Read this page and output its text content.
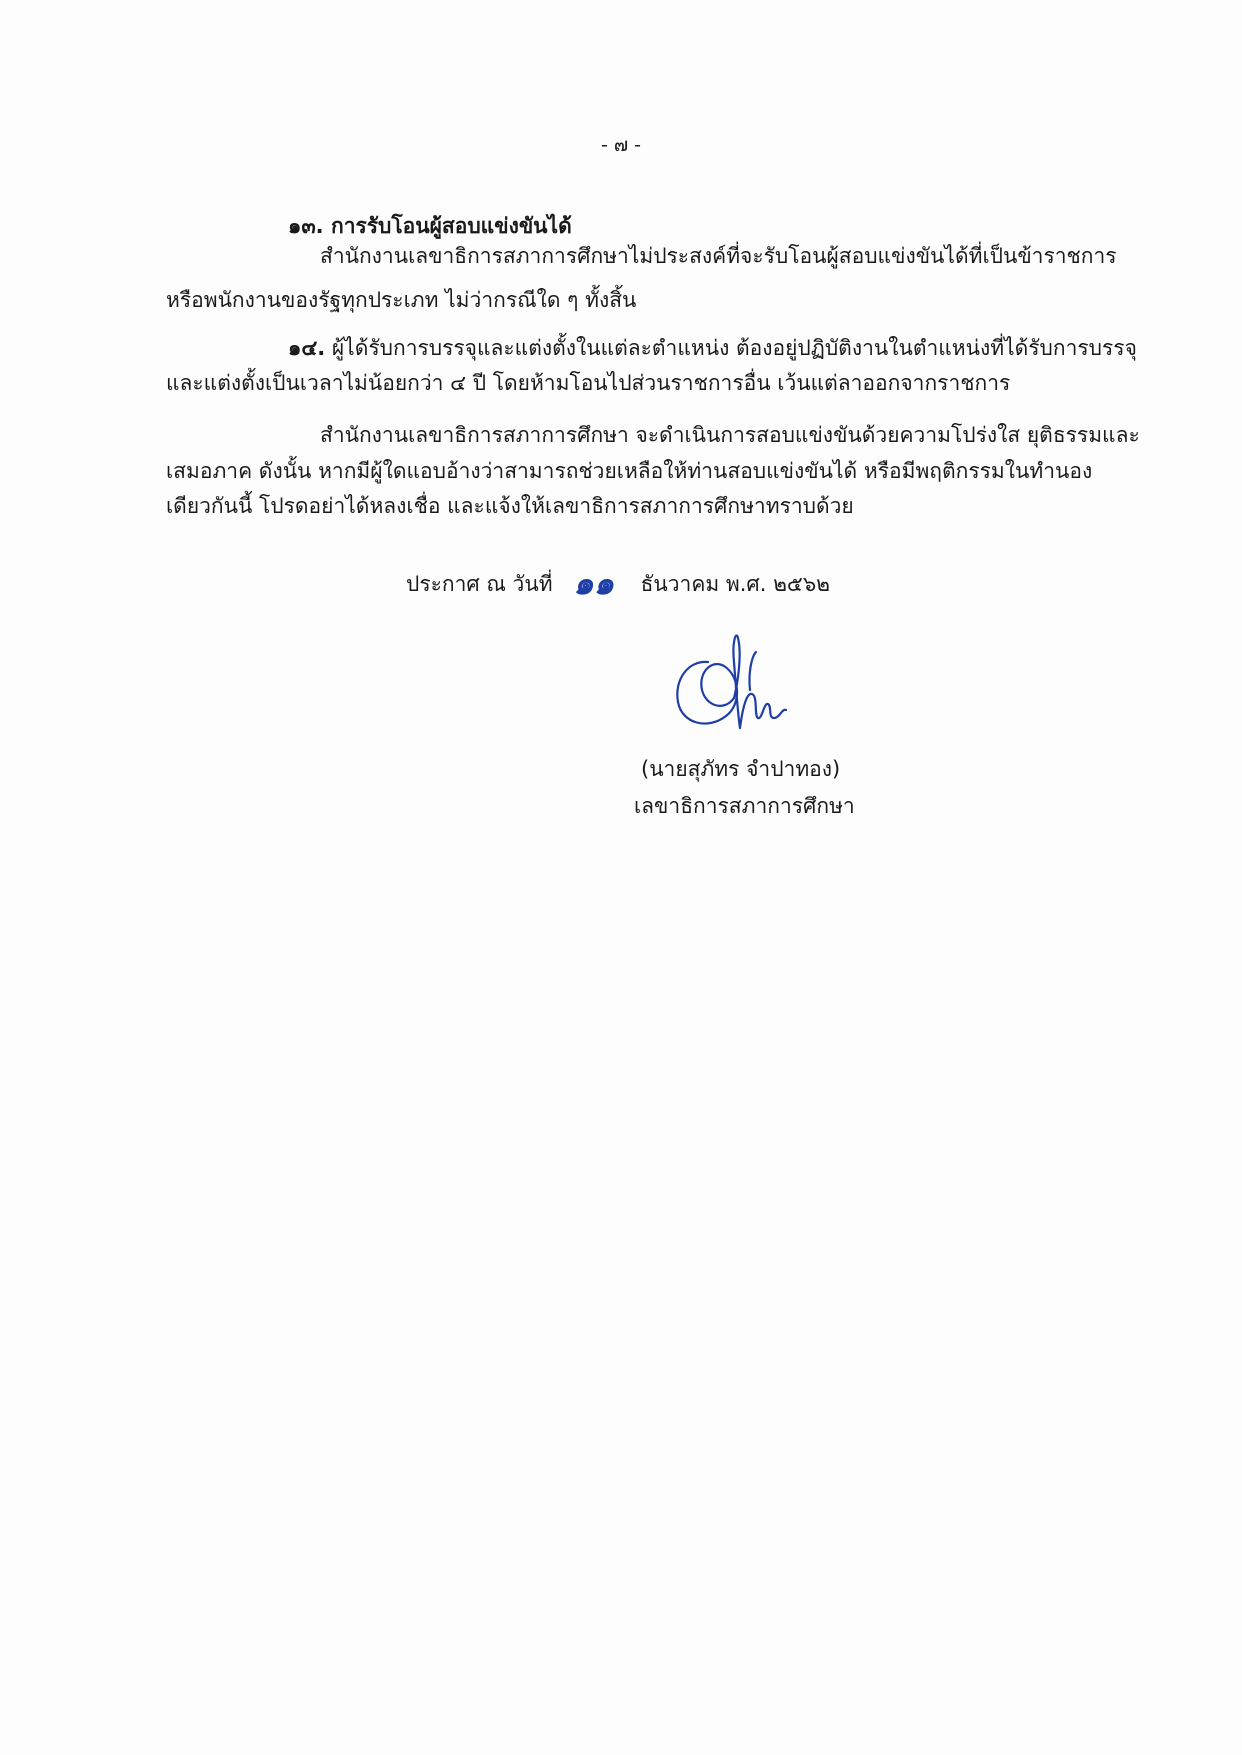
- ๗ -
๑๓. การรับโอนผู้สอบแข่งขันได้
สำนักงานเลขาธิการสภาการศึกษาไม่ประสงค์ที่จะรับโอนผู้สอบแข่งขันได้ที่เป็นข้าราชการ
หรือพนักงานของรัฐทุกประเภท ไม่ว่ากรณีใด ๆ ทั้งสิ้น
๑๔. ผู้ได้รับการบรรจุและแต่งตั้งในแต่ละตำแหน่ง ต้องอยู่ปฏิบัติงานในตำแหน่งที่ได้รับการบรรจุ
และแต่งตั้งเป็นเวลาไม่น้อยกว่า ๔ ปี โดยห้ามโอนไปส่วนราชการอื่น เว้นแต่ลาออกจากราชการ
สำนักงานเลขาธิการสภาการศึกษา จะดำเนินการสอบแข่งขันด้วยความโปร่งใส ยุติธรรมและ
เสมอภาค ดังนั้น หากมีผู้ใดแอบอ้างว่าสามารถช่วยเหลือให้ท่านสอบแข่งขันได้ หรือมีพฤติกรรมในทำนอง
เดียวกันนี้ โปรดอย่าได้หลงเชื่อ และแจ้งให้เลขาธิการสภาการศึกษาทราบด้วย
ประกาศ ณ วันที่ ๑๑ ธันวาคม พ.ศ. ๒๕๖๒
(นายสุภัทร จำปาทอง)
เลขาธิการสภาการศึกษา
